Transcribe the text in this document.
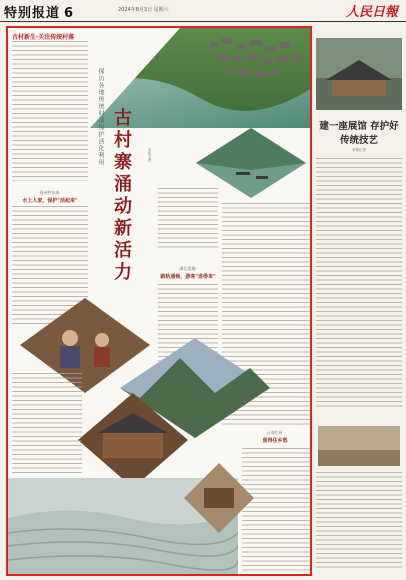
特别报道 6	2024年8月3日 星期六	人民日報
古村新生·关注传统村落
贵州黔东南·
水上人家，保护"活起来"	古村寨涌动新活力
探访各地传统村落保护活化利用	本报记者
湖北恩施·
路轨通畅，游客"进得来"
云南红河·
留得住乡愁
建一座展馆 存护好传统技艺
本报记者
